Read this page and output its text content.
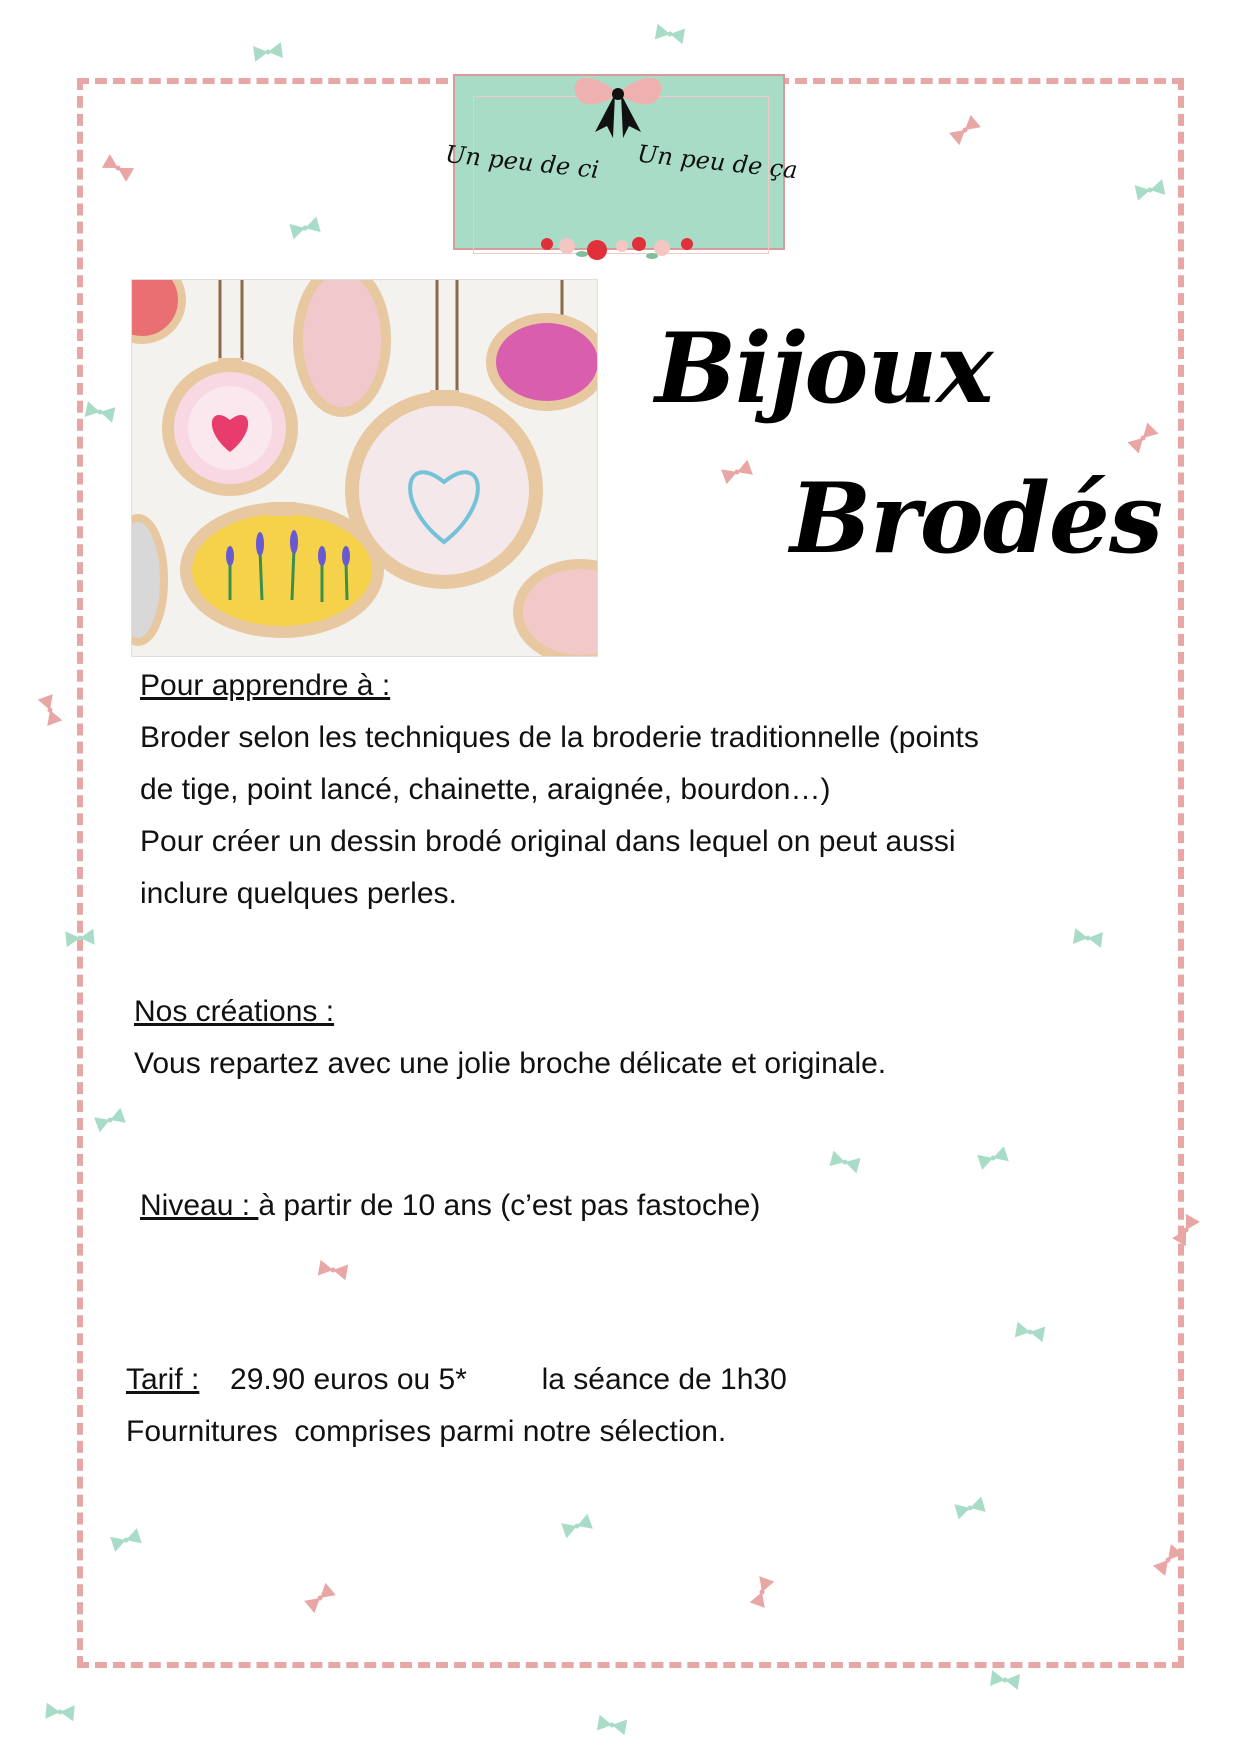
Un peu de ci Un peu de ça
Bijoux
Brodés
Pour apprendre à :
Broder selon les techniques de la broderie traditionnelle (points
de tige, point lancé, chainette, araignée, bourdon…)
Pour créer un dessin brodé original dans lequel on peut aussi
inclure quelques perles.
Nos créations :
Vous repartez avec une jolie broche délicate et originale.
Niveau : à partir de 10 ans (c’est pas fastoche)
Tarif : 29.90 euros ou 5* la séance de 1h30
Fournitures  comprises parmi notre sélection.
